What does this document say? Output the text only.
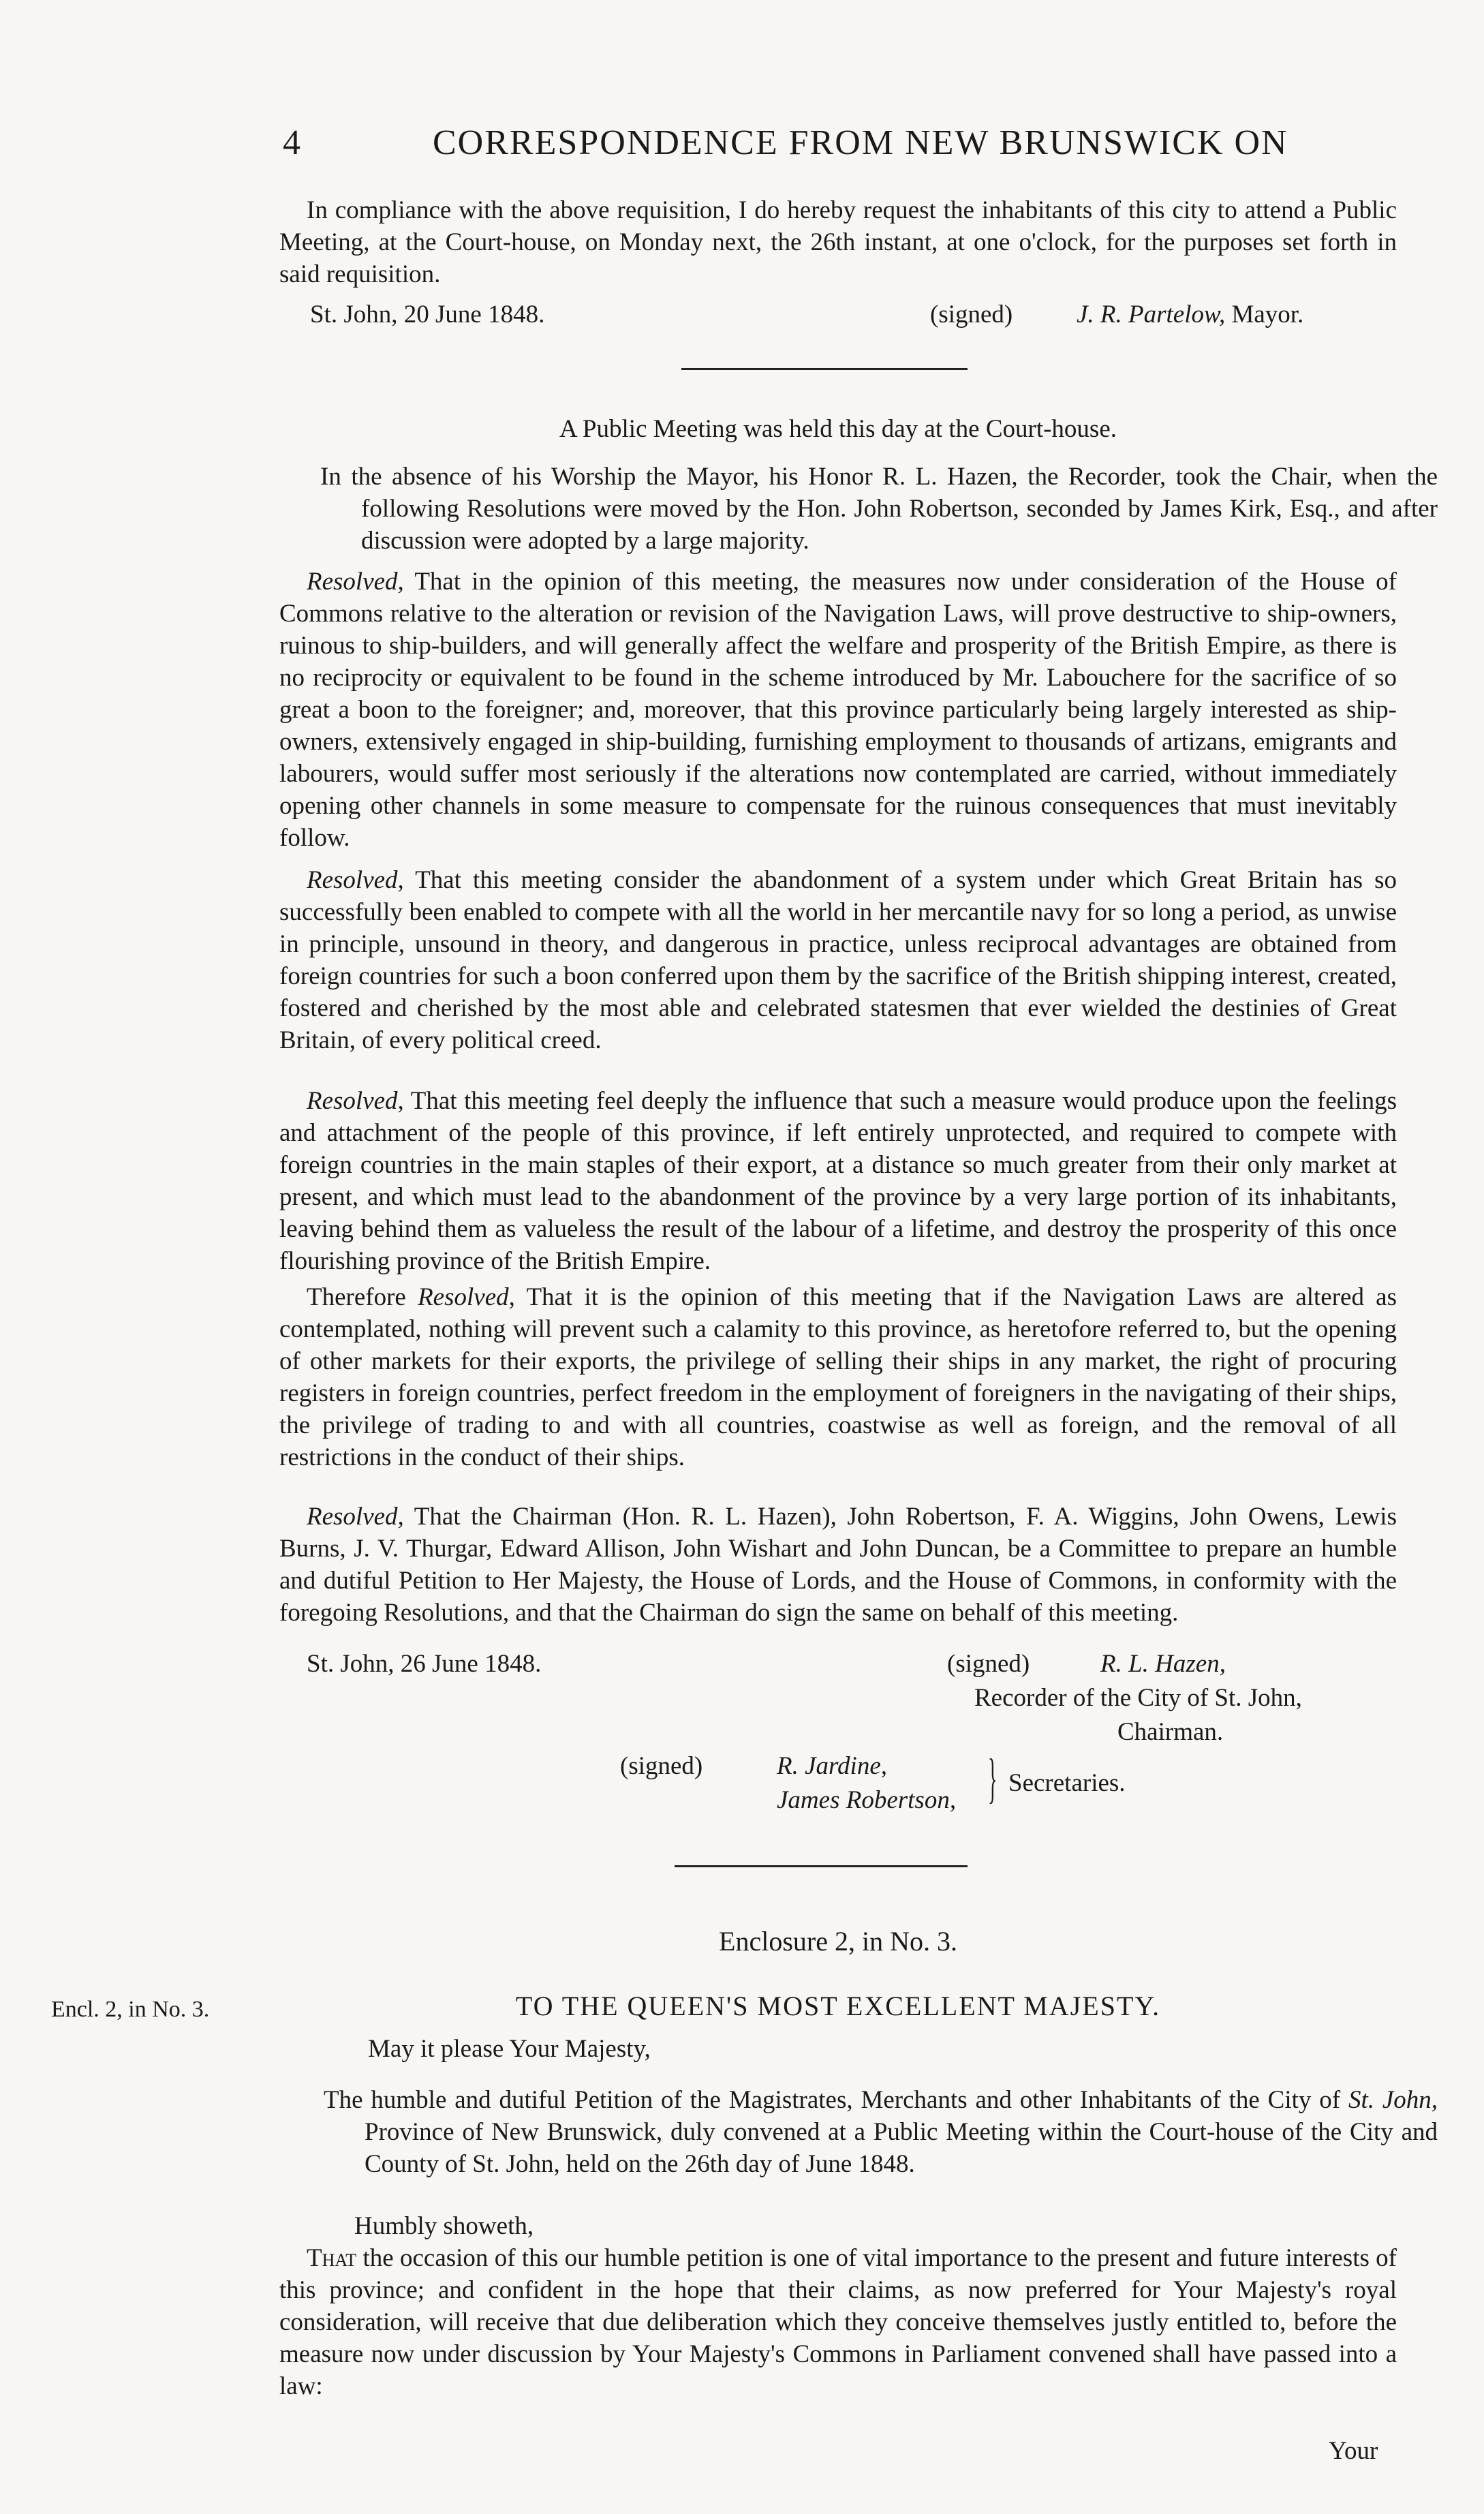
4	CORRESPONDENCE FROM NEW BRUNSWICK ON

In compliance with the above requisition, I do hereby request the inhabitants of this city to attend a Public Meeting, at the Court-house, on Monday next, the 26th instant, at one o'clock, for the purposes set forth in said requisition.

St. John, 20 June 1848.	(signed)	J. R. Partelow, Mayor.
A Public Meeting was held this day at the Court-house.

In the absence of his Worship the Mayor, his Honor R. L. Hazen, the Recorder, took the Chair, when the following Resolutions were moved by the Hon. John Robertson, seconded by James Kirk, Esq., and after discussion were adopted by a large majority.

Resolved, That in the opinion of this meeting, the measures now under consideration of the House of Commons relative to the alteration or revision of the Navigation Laws, will prove destructive to ship-owners, ruinous to ship-builders, and will generally affect the welfare and prosperity of the British Empire, as there is no reciprocity or equivalent to be found in the scheme introduced by Mr. Labouchere for the sacrifice of so great a boon to the foreigner; and, moreover, that this province particularly being largely interested as ship-owners, extensively engaged in ship-building, furnishing employment to thousands of artizans, emigrants and labourers, would suffer most seriously if the alterations now contemplated are carried, without immediately opening other channels in some measure to compensate for the ruinous consequences that must inevitably follow.

Resolved, That this meeting consider the abandonment of a system under which Great Britain has so successfully been enabled to compete with all the world in her mercantile navy for so long a period, as unwise in principle, unsound in theory, and dangerous in practice, unless reciprocal advantages are obtained from foreign countries for such a boon conferred upon them by the sacrifice of the British shipping interest, created, fostered and cherished by the most able and celebrated statesmen that ever wielded the destinies of Great Britain, of every political creed.

Resolved, That this meeting feel deeply the influence that such a measure would produce upon the feelings and attachment of the people of this province, if left entirely unprotected, and required to compete with foreign countries in the main staples of their export, at a distance so much greater from their only market at present, and which must lead to the abandonment of the province by a very large portion of its inhabitants, leaving behind them as valueless the result of the labour of a lifetime, and destroy the prosperity of this once flourishing province of the British Empire.

Therefore Resolved, That it is the opinion of this meeting that if the Navigation Laws are altered as contemplated, nothing will prevent such a calamity to this province, as heretofore referred to, but the opening of other markets for their exports, the privilege of selling their ships in any market, the right of procuring registers in foreign countries, perfect freedom in the employment of foreigners in the navigating of their ships, the privilege of trading to and with all countries, coastwise as well as foreign, and the removal of all restrictions in the conduct of their ships.

Resolved, That the Chairman (Hon. R. L. Hazen), John Robertson, F. A. Wiggins, John Owens, Lewis Burns, J. V. Thurgar, Edward Allison, John Wishart and John Duncan, be a Committee to prepare an humble and dutiful Petition to Her Majesty, the House of Lords, and the House of Commons, in conformity with the foregoing Resolutions, and that the Chairman do sign the same on behalf of this meeting.

St. John, 26 June 1848.	(signed)	R. L. Hazen,
Recorder of the City of St. John,
Chairman.
(signed)	R. Jardine,
James Robertson, } Secretaries.
Enclosure 2, in No. 3.
Encl. 2, in No. 3.	TO THE QUEEN'S MOST EXCELLENT MAJESTY.
May it please Your Majesty,

The humble and dutiful Petition of the Magistrates, Merchants and other Inhabitants of the City of St. John, Province of New Brunswick, duly convened at a Public Meeting within the Court-house of the City and County of St. John, held on the 26th day of June 1848.

Humbly showeth,

That the occasion of this our humble petition is one of vital importance to the present and future interests of this province; and confident in the hope that their claims, as now preferred for Your Majesty's royal consideration, will receive that due deliberation which they conceive themselves justly entitled to, before the measure now under discussion by Your Majesty's Commons in Parliament convened shall have passed into a law:

Your
